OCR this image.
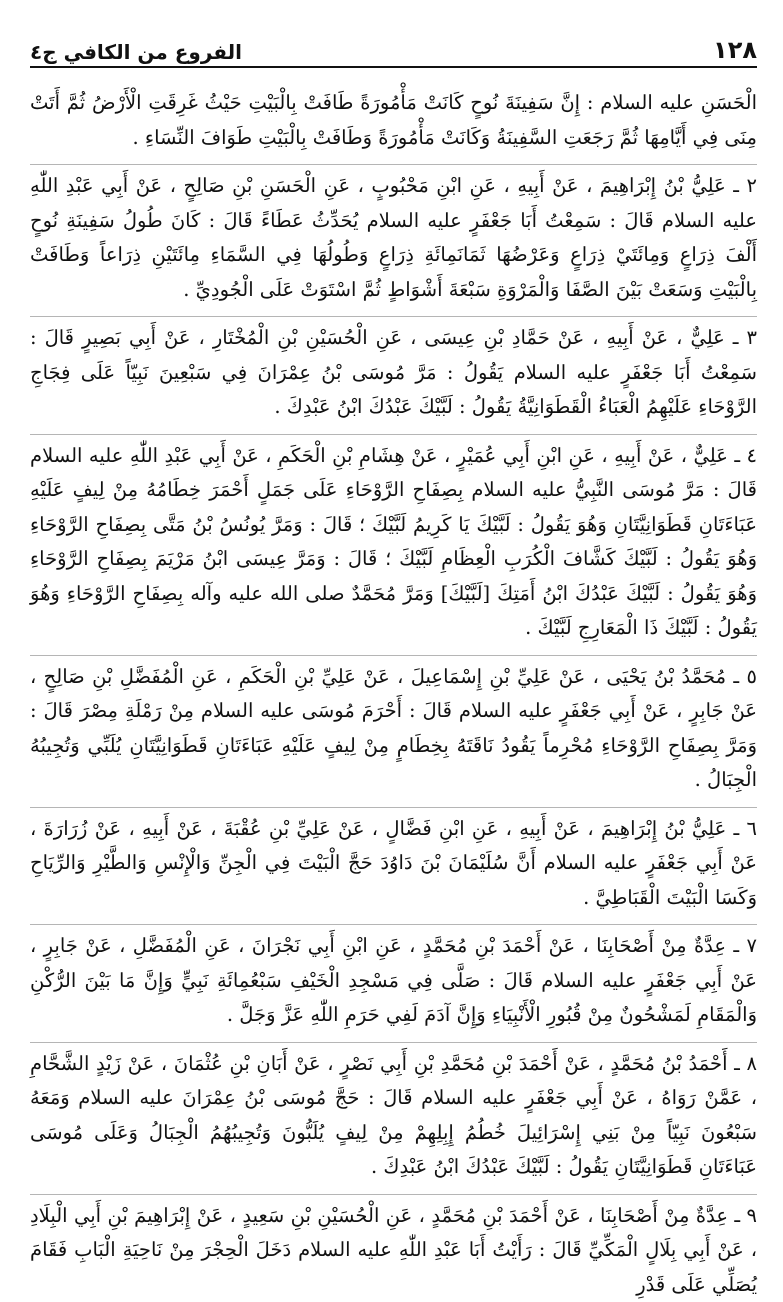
١٢٨
الفروع من الكافي ج٤

الْحَسَنِ عليه السلام : إِنَّ سَفِينَةَ نُوحٍ كَانَتْ مَأْمُورَةً طَافَتْ بِالْبَيْتِ حَيْثُ غَرِقَتِ الْأَرْضُ ثُمَّ أَتَتْ مِنَى فِي أَيَّامِهَا ثُمَّ رَجَعَتِ السَّفِينَةُ وَكَانَتْ مَأْمُورَةً وَطَافَتْ بِالْبَيْتِ طَوَافَ النِّسَاءِ .

٢ ـ عَلِيُّ بْنُ إِبْرَاهِيمَ ، عَنْ أَبِيهِ ، عَنِ ابْنِ مَحْبُوبٍ ، عَنِ الْحَسَنِ بْنِ صَالِحٍ ، عَنْ أَبِي عَبْدِ اللّٰهِ عليه السلام قَالَ : سَمِعْتُ أَبَا جَعْفَرٍ عليه السلام يُحَدِّثُ عَطَاءً قَالَ : كَانَ طُولُ سَفِينَةِ نُوحٍ أَلْفَ ذِرَاعٍ وَمِائَتَيْ ذِرَاعٍ وَعَرْضُهَا ثَمَانَمِائَةِ ذِرَاعٍ وَطُولُهَا فِي السَّمَاءِ مِائَتَيْنِ ذِرَاعاً وَطَافَتْ بِالْبَيْتِ وَسَعَتْ بَيْنَ الصَّفَا وَالْمَرْوَةِ سَبْعَةَ أَشْوَاطٍ ثُمَّ اسْتَوَتْ عَلَى الْجُودِيِّ .

٣ ـ عَلِيٌّ ، عَنْ أَبِيهِ ، عَنْ حَمَّادِ بْنِ عِيسَى ، عَنِ الْحُسَيْنِ بْنِ الْمُخْتَارِ ، عَنْ أَبِي بَصِيرٍ قَالَ : سَمِعْتُ أَبَا جَعْفَرٍ عليه السلام يَقُولُ : مَرَّ مُوسَى بْنُ عِمْرَانَ فِي سَبْعِينَ نَبِيّاً عَلَى فِجَاجِ الرَّوْحَاءِ عَلَيْهِمُ الْعَبَاءُ الْقَطَوَانِيَّةُ يَقُولُ : لَبَّيْكَ عَبْدُكَ ابْنُ عَبْدِكَ .

٤ ـ عَلِيٌّ ، عَنْ أَبِيهِ ، عَنِ ابْنِ أَبِي عُمَيْرٍ ، عَنْ هِشَامِ بْنِ الْحَكَمِ ، عَنْ أَبِي عَبْدِ اللّٰهِ عليه السلام قَالَ : مَرَّ مُوسَى النَّبِيُّ عليه السلام بِصِفَاحِ الرَّوْحَاءِ عَلَى جَمَلٍ أَحْمَرَ خِطَامُهُ مِنْ لِيفٍ عَلَيْهِ عَبَاءَتَانِ قَطَوَانِيَّتَانِ وَهُوَ يَقُولُ : لَبَّيْكَ يَا كَرِيمُ لَبَّيْكَ ؛ قَالَ : وَمَرَّ يُونُسُ بْنُ مَتَّى بِصِفَاحِ الرَّوْحَاءِ وَهُوَ يَقُولُ : لَبَّيْكَ كَشَّافَ الْكُرَبِ الْعِظَامِ لَبَّيْكَ ؛ قَالَ : وَمَرَّ عِيسَى ابْنُ مَرْيَمَ بِصِفَاحِ الرَّوْحَاءِ وَهُوَ يَقُولُ : لَبَّيْكَ عَبْدُكَ ابْنُ أَمَتِكَ [لَبَّيْكَ] وَمَرَّ مُحَمَّدٌ صلى الله عليه وآله بِصِفَاحِ الرَّوْحَاءِ وَهُوَ يَقُولُ : لَبَّيْكَ ذَا الْمَعَارِجِ لَبَّيْكَ .

٥ ـ مُحَمَّدُ بْنُ يَحْيَى ، عَنْ عَلِيِّ بْنِ إِسْمَاعِيلَ ، عَنْ عَلِيِّ بْنِ الْحَكَمِ ، عَنِ الْمُفَضَّلِ بْنِ صَالِحٍ ، عَنْ جَابِرٍ ، عَنْ أَبِي جَعْفَرٍ عليه السلام قَالَ : أَحْرَمَ مُوسَى عليه السلام مِنْ رَمْلَةِ مِصْرَ قَالَ : وَمَرَّ بِصِفَاحِ الرَّوْحَاءِ مُحْرِماً يَقُودُ نَاقَتَهُ بِخِطَامٍ مِنْ لِيفٍ عَلَيْهِ عَبَاءَتَانِ قَطَوَانِيَّتَانِ يُلَبِّي وَتُجِيبُهُ الْجِبَالُ .

٦ ـ عَلِيُّ بْنُ إِبْرَاهِيمَ ، عَنْ أَبِيهِ ، عَنِ ابْنِ فَضَّالٍ ، عَنْ عَلِيِّ بْنِ عُقْبَةَ ، عَنْ أَبِيهِ ، عَنْ زُرَارَةَ ، عَنْ أَبِي جَعْفَرٍ عليه السلام أَنَّ سُلَيْمَانَ بْنَ دَاوُدَ حَجَّ الْبَيْتَ فِي الْجِنِّ وَالْإِنْسِ وَالطَّيْرِ وَالرِّيَاحِ وَكَسَا الْبَيْتَ الْقَبَاطِيَّ .

٧ ـ عِدَّةٌ مِنْ أَصْحَابِنَا ، عَنْ أَحْمَدَ بْنِ مُحَمَّدٍ ، عَنِ ابْنِ أَبِي نَجْرَانَ ، عَنِ الْمُفَضَّلِ ، عَنْ جَابِرٍ ، عَنْ أَبِي جَعْفَرٍ عليه السلام قَالَ : صَلَّى فِي مَسْجِدِ الْخَيْفِ سَبْعُمِائَةِ نَبِيٍّ وَإِنَّ مَا بَيْنَ الرُّكْنِ وَالْمَقَامِ لَمَشْحُونٌ مِنْ قُبُورِ الْأَنْبِيَاءِ وَإِنَّ آدَمَ لَفِي حَرَمِ اللّٰهِ عَزَّ وَجَلَّ .

٨ ـ أَحْمَدُ بْنُ مُحَمَّدٍ ، عَنْ أَحْمَدَ بْنِ مُحَمَّدِ بْنِ أَبِي نَصْرٍ ، عَنْ أَبَانِ بْنِ عُثْمَانَ ، عَنْ زَيْدٍ الشَّحَّامِ ، عَمَّنْ رَوَاهُ ، عَنْ أَبِي جَعْفَرٍ عليه السلام قَالَ : حَجَّ مُوسَى بْنُ عِمْرَانَ عليه السلام وَمَعَهُ سَبْعُونَ نَبِيّاً مِنْ بَنِي إِسْرَائِيلَ خُطُمُ إِبِلِهِمْ مِنْ لِيفٍ يُلَبُّونَ وَتُجِيبُهُمُ الْجِبَالُ وَعَلَى مُوسَى عَبَاءَتَانِ قَطَوَانِيَّتَانِ يَقُولُ : لَبَّيْكَ عَبْدُكَ ابْنُ عَبْدِكَ .

٩ ـ عِدَّةٌ مِنْ أَصْحَابِنَا ، عَنْ أَحْمَدَ بْنِ مُحَمَّدٍ ، عَنِ الْحُسَيْنِ بْنِ سَعِيدٍ ، عَنْ إِبْرَاهِيمَ بْنِ أَبِي الْبِلَادِ ، عَنْ أَبِي بِلَالٍ الْمَكِّيِّ قَالَ : رَأَيْتُ أَبَا عَبْدِ اللّٰهِ عليه السلام دَخَلَ الْحِجْرَ مِنْ نَاحِيَةِ الْبَابِ فَقَامَ يُصَلِّي عَلَى قَدْرِ
